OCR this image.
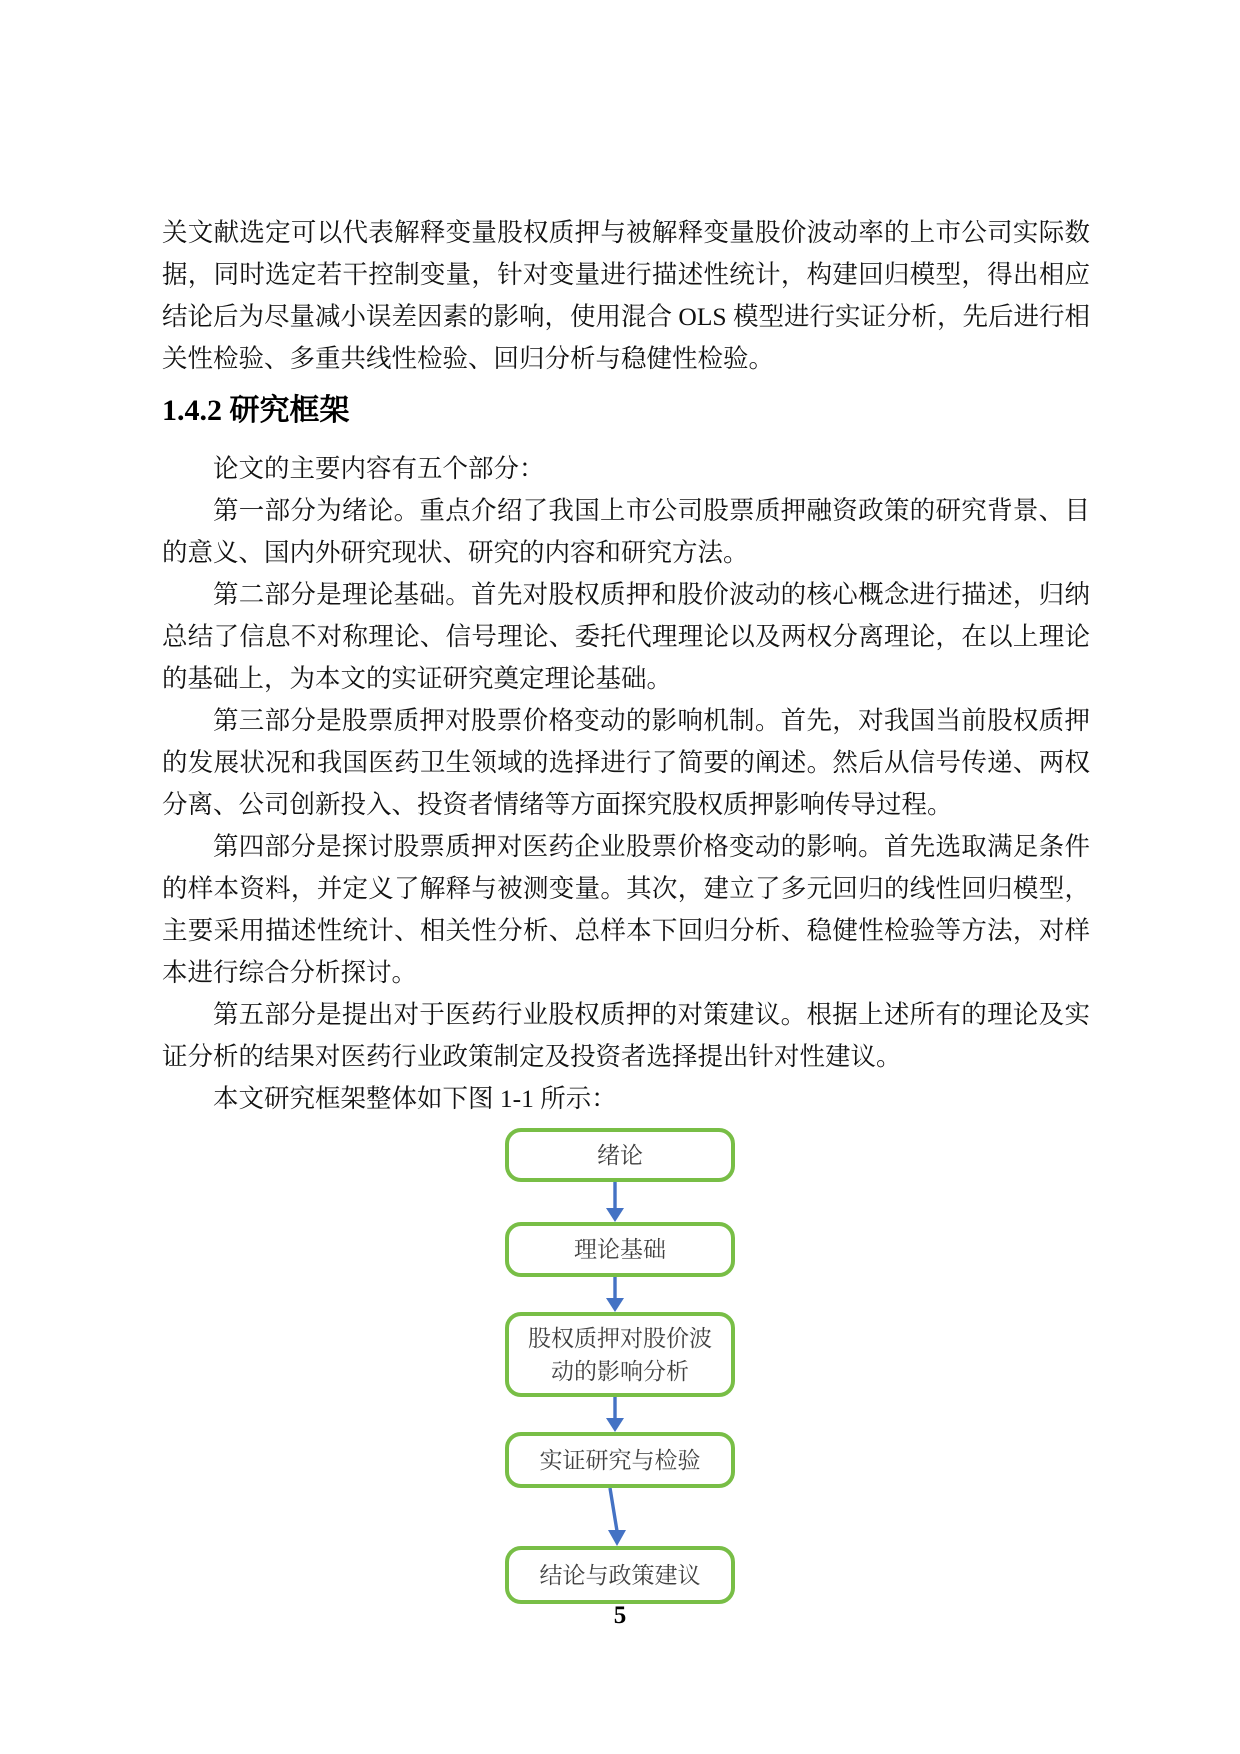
关文献选定可以代表解释变量股权质押与被解释变量股价波动率的上市公司实际数据，同时选定若干控制变量，针对变量进行描述性统计，构建回归模型，得出相应结论后为尽量减小误差因素的影响，使用混合 OLS 模型进行实证分析，先后进行相关性检验、多重共线性检验、回归分析与稳健性检验。

1.4.2 研究框架

论文的主要内容有五个部分：

第一部分为绪论。重点介绍了我国上市公司股票质押融资政策的研究背景、目的意义、国内外研究现状、研究的内容和研究方法。

第二部分是理论基础。首先对股权质押和股价波动的核心概念进行描述，归纳总结了信息不对称理论、信号理论、委托代理理论以及两权分离理论，在以上理论的基础上，为本文的实证研究奠定理论基础。

第三部分是股票质押对股票价格变动的影响机制。首先，对我国当前股权质押的发展状况和我国医药卫生领域的选择进行了简要的阐述。然后从信号传递、两权分离、公司创新投入、投资者情绪等方面探究股权质押影响传导过程。

第四部分是探讨股票质押对医药企业股票价格变动的影响。首先选取满足条件的样本资料，并定义了解释与被测变量。其次，建立了多元回归的线性回归模型，主要采用描述性统计、相关性分析、总样本下回归分析、稳健性检验等方法，对样本进行综合分析探讨。

第五部分是提出对于医药行业股权质押的对策建议。根据上述所有的理论及实证分析的结果对医药行业政策制定及投资者选择提出针对性建议。

本文研究框架整体如下图 1-1 所示：

绪论
理论基础
股权质押对股价波动的影响分析
实证研究与检验
结论与政策建议
5
